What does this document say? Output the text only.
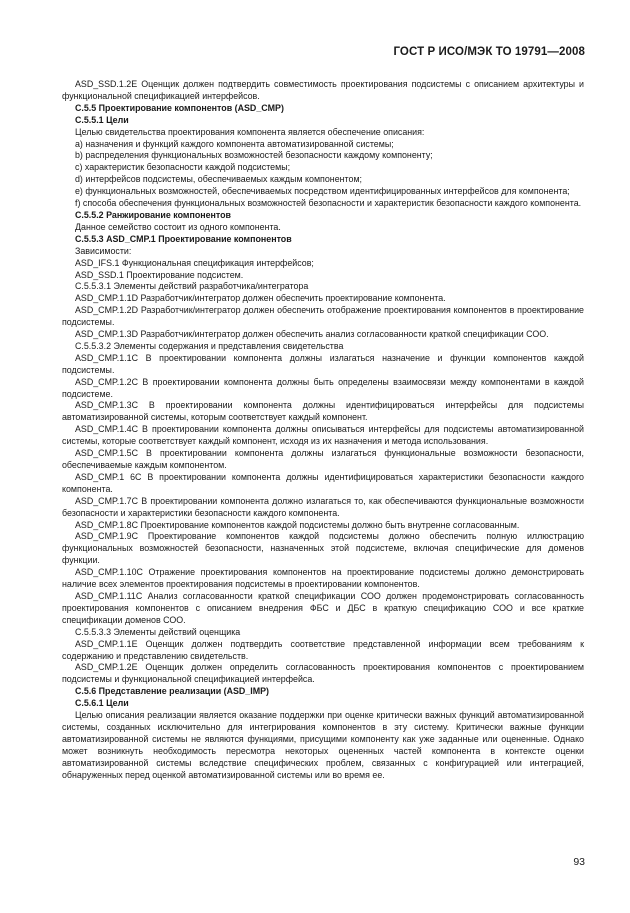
ГОСТ Р ИСО/МЭК ТО 19791—2008

ASD_SSD.1.2E Оценщик должен подтвердить совместимость проектирования подсистемы с описанием архитектуры и функциональной спецификацией интерфейсов.

С.5.5 Проектирование компонентов (ASD_CMP)

С.5.5.1 Цели

Целью свидетельства проектирования компонента является обеспечение описания:

а) назначения и функций каждого компонента автоматизированной системы;

b) распределения функциональных возможностей безопасности каждому компоненту;

с) характеристик безопасности каждой подсистемы;

d) интерфейсов подсистемы, обеспечиваемых каждым компонентом;

е) функциональных возможностей, обеспечиваемых посредством идентифицированных интерфейсов для компонента;

f) способа обеспечения функциональных возможностей безопасности и характеристик безопасности каждого компонента.

С.5.5.2 Ранжирование компонентов

Данное семейство состоит из одного компонента.

С.5.5.3 ASD_CMP.1 Проектирование компонентов

Зависимости:

ASD_IFS.1 Функциональная спецификация интерфейсов;

ASD_SSD.1 Проектирование подсистем.

С.5.5.3.1 Элементы действий разработчика/интегратора

ASD_CMP.1.1D Разработчик/интегратор должен обеспечить проектирование компонента.

ASD_CMP.1.2D Разработчик/интегратор должен обеспечить отображение проектирования компонентов в проектирование подсистемы.

ASD_CMP.1.3D Разработчик/интегратор должен обеспечить анализ согласованности краткой спецификации СОО.

С.5.5.3.2 Элементы содержания и представления свидетельства

ASD_CMP.1.1С В проектировании компонента должны излагаться назначение и функции компонентов каждой подсистемы.

ASD_CMP.1.2С В проектировании компонента должны быть определены взаимосвязи между компонентами в каждой подсистеме.

ASD_CMP.1.3С В проектировании компонента должны идентифицироваться интерфейсы для подсистемы автоматизированной системы, которым соответствует каждый компонент.

ASD_CMP.1.4С В проектировании компонента должны описываться интерфейсы для подсистемы автоматизированной системы, которые соответствует каждый компонент, исходя из их назначения и метода использования.

ASD_CMP.1.5С В проектировании компонента должны излагаться функциональные возможности безопасности, обеспечиваемые каждым компонентом.

ASD_CMP.1 6С В проектировании компонента должны идентифицироваться характеристики безопасности каждого компонента.

ASD_CMP.1.7С В проектировании компонента должно излагаться то, как обеспечиваются функциональные возможности безопасности и характеристики безопасности каждого компонента.

ASD_CMP.1.8С Проектирование компонентов каждой подсистемы должно быть внутренне согласованным.

ASD_CMP.1.9С Проектирование компонентов каждой подсистемы должно обеспечить полную иллюстрацию функциональных возможностей безопасности, назначенных этой подсистеме, включая специфические для доменов функции.

ASD_CMP.1.10С Отражение проектирования компонентов на проектирование подсистемы должно демонстрировать наличие всех элементов проектирования подсистемы в проектировании компонентов.

ASD_CMP.1.11С Анализ согласованности краткой спецификации СОО должен продемонстрировать согласованность проектирования компонентов с описанием внедрения ФБС и ДБС в краткую спецификацию СОО и все краткие спецификации доменов СОО.

С.5.5.3.3 Элементы действий оценщика

ASD_CMP.1.1Е Оценщик должен подтвердить соответствие представленной информации всем требованиям к содержанию и представлению свидетельств.

ASD_CMP.1.2Е Оценщик должен определить согласованность проектирования компонентов с проектированием подсистемы и функциональной спецификацией интерфейса.

С.5.6 Представление реализации (ASD_IMP)

С.5.6.1 Цели

Целью описания реализации является оказание поддержки при оценке критически важных функций автоматизированной системы, созданных исключительно для интегрирования компонентов в эту систему. Критически важные функции автоматизированной системы не являются функциями, присущими компоненту как уже заданные или оцененные. Однако может возникнуть необходимость пересмотра некоторых оцененных частей компонента в контексте оценки автоматизированной системы вследствие специфических проблем, связанных с конфигурацией или интеграцией, обнаруженных перед оценкой автоматизированной системы или во время ее.

93
